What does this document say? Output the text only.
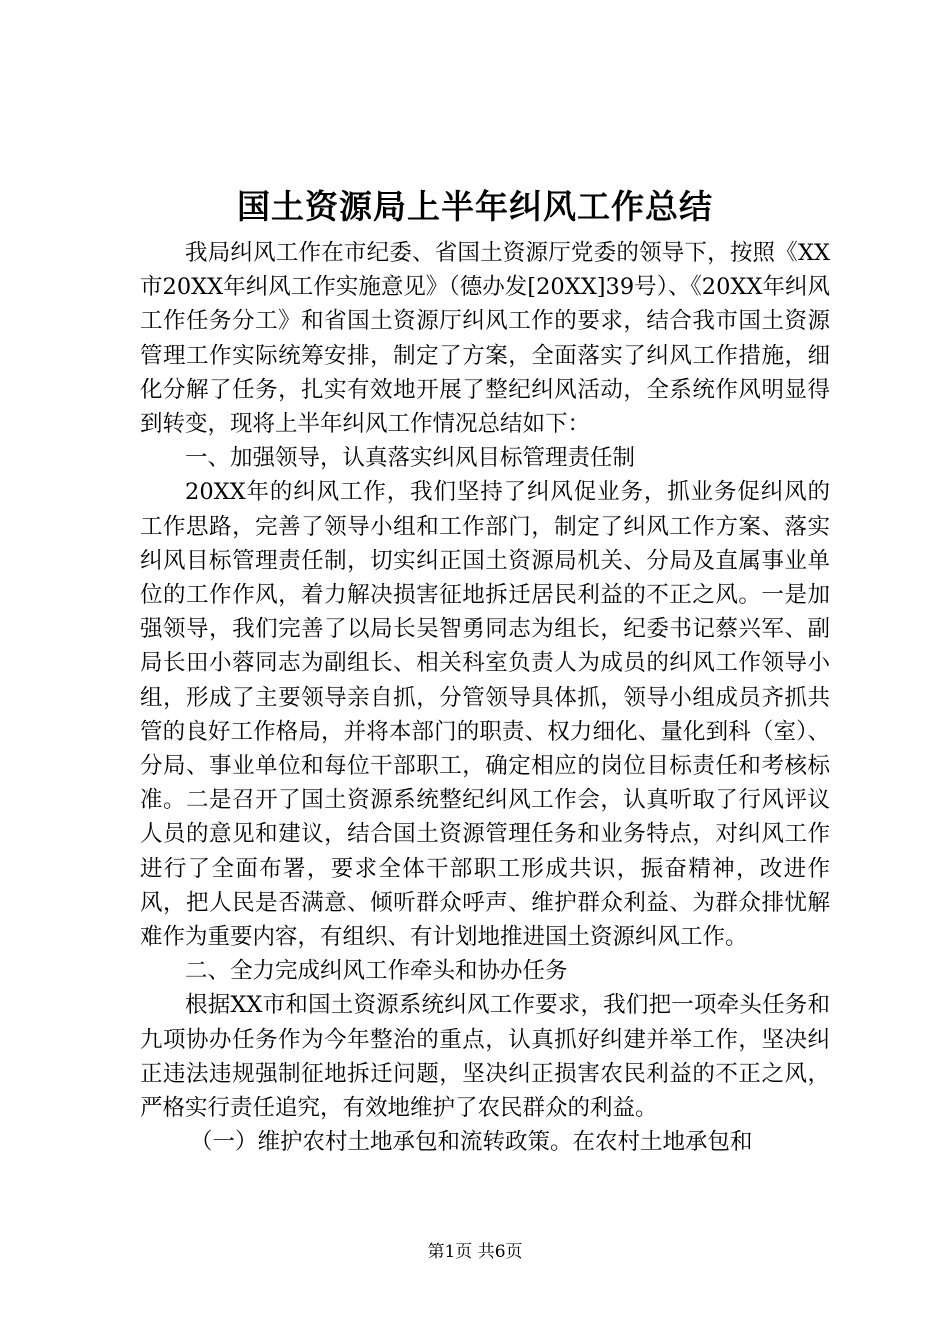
国土资源局上半年纠风工作总结

我局纠风工作在市纪委、省国土资源厅党委的领导下，按照《XX市20XX年纠风工作实施意见》（德办发[20XX]39号）、《20XX年纠风工作任务分工》和省国土资源厅纠风工作的要求，结合我市国土资源管理工作实际统筹安排，制定了方案，全面落实了纠风工作措施，细化分解了任务，扎实有效地开展了整纪纠风活动，全系统作风明显得到转变，现将上半年纠风工作情况总结如下：

一、加强领导，认真落实纠风目标管理责任制

20XX年的纠风工作，我们坚持了纠风促业务，抓业务促纠风的工作思路，完善了领导小组和工作部门，制定了纠风工作方案、落实纠风目标管理责任制，切实纠正国土资源局机关、分局及直属事业单位的工作作风，着力解决损害征地拆迁居民利益的不正之风。一是加强领导，我们完善了以局长吴智勇同志为组长，纪委书记蔡兴军、副局长田小蓉同志为副组长、相关科室负责人为成员的纠风工作领导小组，形成了主要领导亲自抓，分管领导具体抓，领导小组成员齐抓共管的良好工作格局，并将本部门的职责、权力细化、量化到科（室）、分局、事业单位和每位干部职工，确定相应的岗位目标责任和考核标准。二是召开了国土资源系统整纪纠风工作会，认真听取了行风评议人员的意见和建议，结合国土资源管理任务和业务特点，对纠风工作进行了全面布署，要求全体干部职工形成共识，振奋精神，改进作风，把人民是否满意、倾听群众呼声、维护群众利益、为群众排忧解难作为重要内容，有组织、有计划地推进国土资源纠风工作。

二、全力完成纠风工作牵头和协办任务

根据XX市和国土资源系统纠风工作要求，我们把一项牵头任务和九项协办任务作为今年整治的重点，认真抓好纠建并举工作，坚决纠正违法违规强制征地拆迁问题，坚决纠正损害农民利益的不正之风，严格实行责任追究，有效地维护了农民群众的利益。

（一）维护农村土地承包和流转政策。在农村土地承包和

第1页 共6页
